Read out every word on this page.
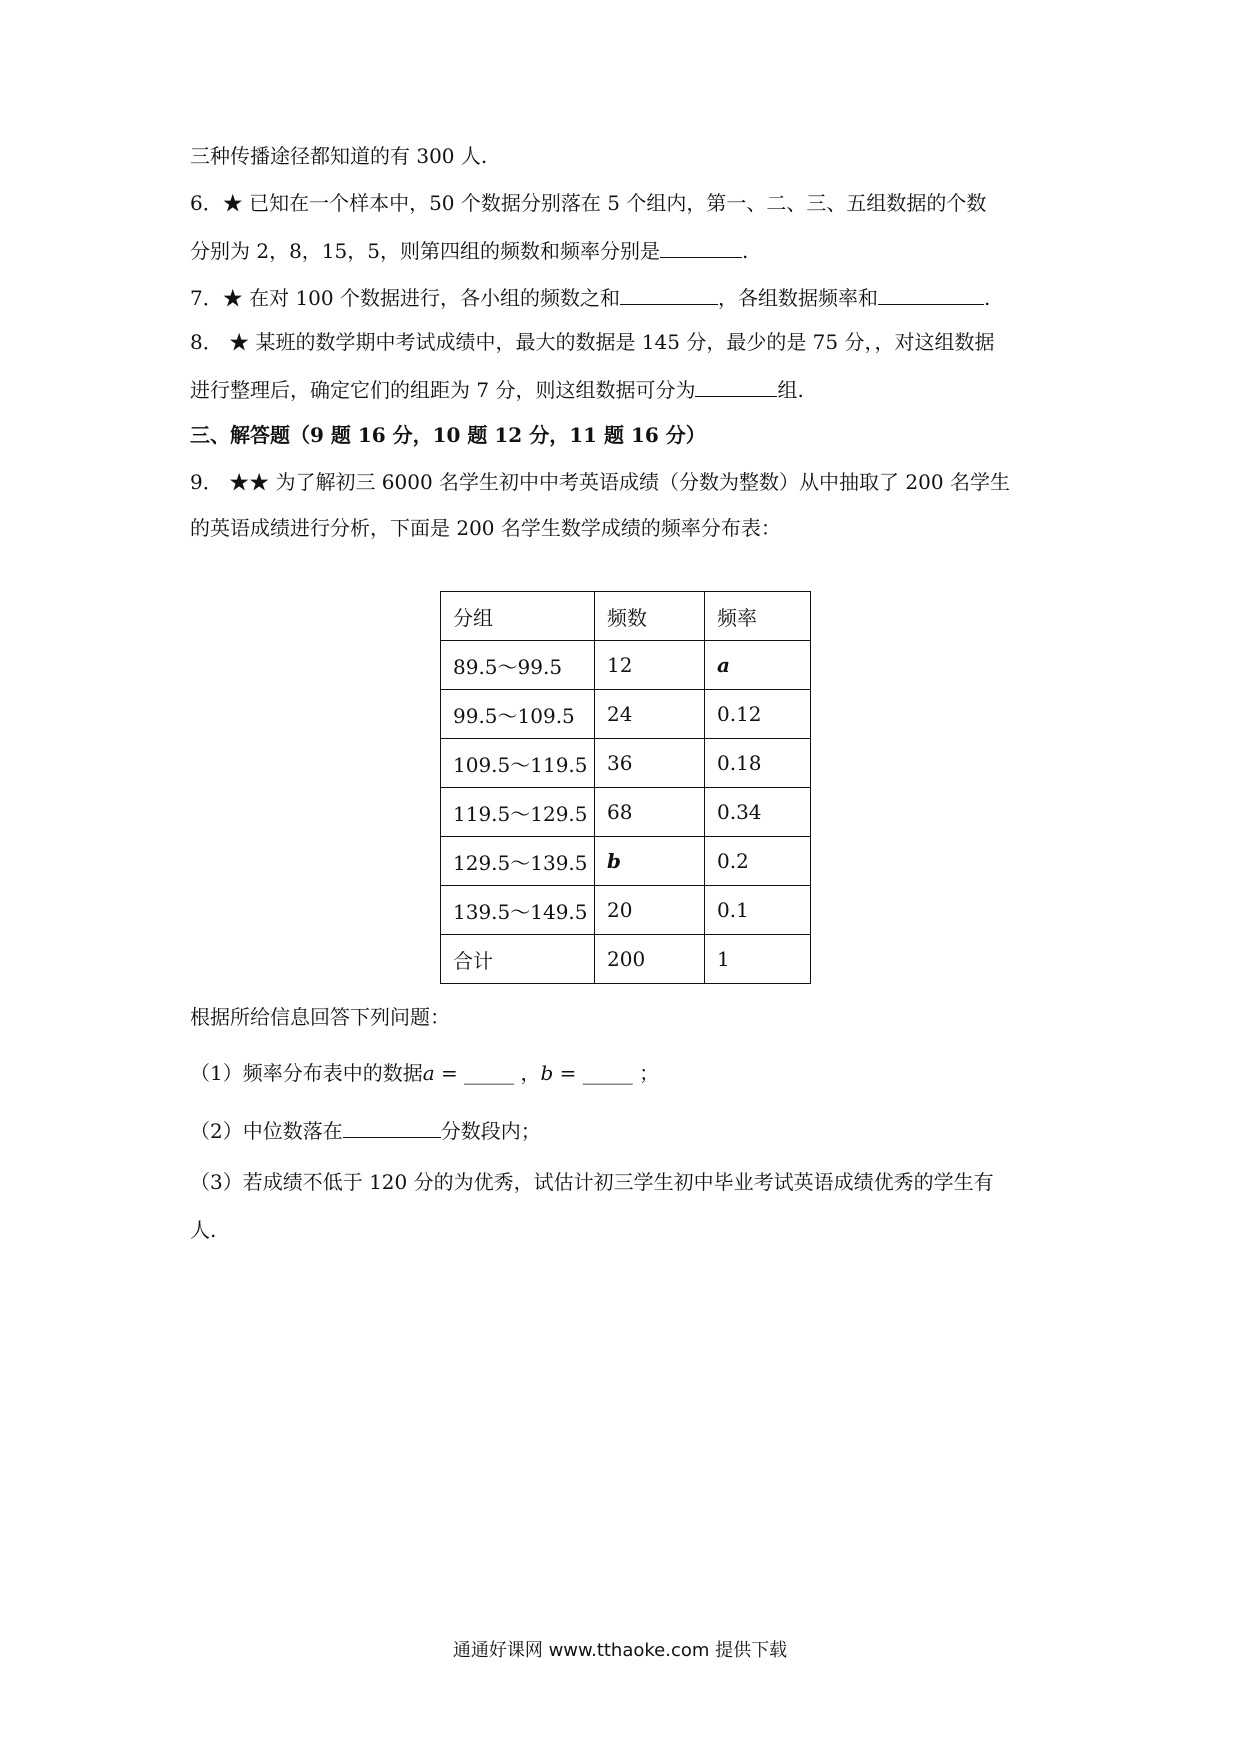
三种传播途径都知道的有 300 人.
6．★ 已知在一个样本中，50 个数据分别落在 5 个组内，第一、二、三、五组数据的个数
分别为 2，8，15，5，则第四组的频数和频率分别是	.
7．★ 在对 100 个数据进行，各小组的频数之和	，各组数据频率和	.
8． ★ 某班的数学期中考试成绩中，最大的数据是 145 分，最少的是 75 分，，对这组数据
进行整理后，确定它们的组距为 7 分，则这组数据可分为	组.
三、解答题（9 题 16 分，10 题 12 分，11 题 16 分）
9． ★★ 为了解初三 6000 名学生初中中考英语成绩（分数为整数）从中抽取了 200 名学生
的英语成绩进行分析，下面是 200 名学生数学成绩的频率分布表：
分组	频数	频率
89.5～99.5	12	a
99.5～109.5	24	0.12
109.5～119.5	36	0.18
119.5～129.5	68	0.34
129.5～139.5	b	0.2
139.5～149.5	20	0.1
合计	200	1
根据所给信息回答下列问题：
（1）频率分布表中的数据a = _____ ，b = _____ ；
（2）中位数落在	分数段内；
（3）若成绩不低于 120 分的为优秀，试估计初三学生初中毕业考试英语成绩优秀的学生有
人.
通通好课网 www.tthaoke.com 提供下载
